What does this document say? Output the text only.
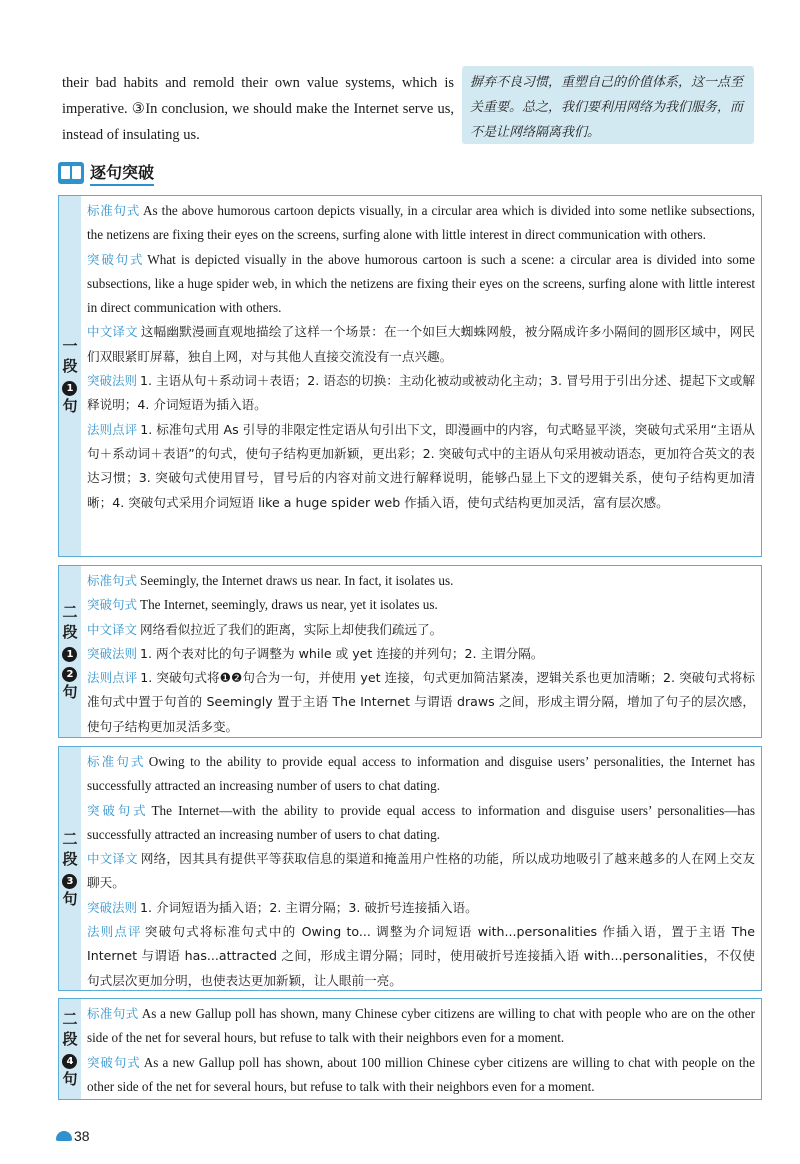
their bad habits and remold their own value systems, which is imperative. ③In conclusion, we should make the Internet serve us, instead of insulating us.
摒弃不良习惯，重塑自己的价值体系，这一点至关重要。总之，我们要利用网络为我们服务，而不是让网络隔离我们。
逐句突破
一
段
1
句

标准句式 As the above humorous cartoon depicts visually, in a circular area which is divided into some netlike subsections, the netizens are fixing their eyes on the screens, surfing alone with little interest in direct communication with others.

突破句式 What is depicted visually in the above humorous cartoon is such a scene: a circular area is divided into some subsections, like a huge spider web, in which the netizens are fixing their eyes on the screens, surfing alone with little interest in direct communication with others.

中文译文 这幅幽默漫画直观地描绘了这样一个场景：在一个如巨大蜘蛛网般，被分隔成许多小隔间的圆形区域中，网民们双眼紧盯屏幕，独自上网，对与其他人直接交流没有一点兴趣。

突破法则 1. 主语从句＋系动词＋表语；2. 语态的切换：主动化被动或被动化主动；3. 冒号用于引出分述、提起下文或解释说明；4. 介词短语为插入语。

法则点评 1. 标准句式用 As 引导的非限定性定语从句引出下文，即漫画中的内容，句式略显平淡，突破句式采用“主语从句＋系动词＋表语”的句式，使句子结构更加新颖，更出彩；2. 突破句式中的主语从句采用被动语态，更加符合英文的表达习惯；3. 突破句式使用冒号，冒号后的内容对前文进行解释说明，能够凸显上下文的逻辑关系，使句子结构更加清晰；4. 突破句式采用介词短语 like a huge spider web 作插入语，使句式结构更加灵活，富有层次感。

二
段
1
2
句

标准句式 Seemingly, the Internet draws us near. In fact, it isolates us.

突破句式 The Internet, seemingly, draws us near, yet it isolates us.

中文译文 网络看似拉近了我们的距离，实际上却使我们疏远了。

突破法则 1. 两个表对比的句子调整为 while 或 yet 连接的并列句；2. 主谓分隔。

法则点评 1. 突破句式将❶❷句合为一句，并使用 yet 连接，句式更加简洁紧凑，逻辑关系也更加清晰；2. 突破句式将标准句式中置于句首的 Seemingly 置于主语 The Internet 与谓语 draws 之间，形成主谓分隔，增加了句子的层次感，使句子结构更加灵活多变。

二
段
3
句

标准句式 Owing to the ability to provide equal access to information and disguise users’ personalities, the Internet has successfully attracted an increasing number of users to chat dating.

突破句式 The Internet—with the ability to provide equal access to information and disguise users’ personalities—has successfully attracted an increasing number of users to chat dating.

中文译文 网络，因其具有提供平等获取信息的渠道和掩盖用户性格的功能，所以成功地吸引了越来越多的人在网上交友聊天。

突破法则 1. 介词短语为插入语；2. 主谓分隔；3. 破折号连接插入语。

法则点评 突破句式将标准句式中的 Owing to... 调整为介词短语 with...personalities 作插入语，置于主语 The Internet 与谓语 has...attracted 之间，形成主谓分隔；同时，使用破折号连接插入语 with...personalities，不仅使句式层次更加分明，也使表达更加新颖，让人眼前一亮。

二
段
4
句

标准句式 As a new Gallup poll has shown, many Chinese cyber citizens are willing to chat with people who are on the other side of the net for several hours, but refuse to talk with their neighbors even for a moment.

突破句式 As a new Gallup poll has shown, about 100 million Chinese cyber citizens are willing to chat with people on the other side of the net for several hours, but refuse to talk with their neighbors even for a moment.

38
